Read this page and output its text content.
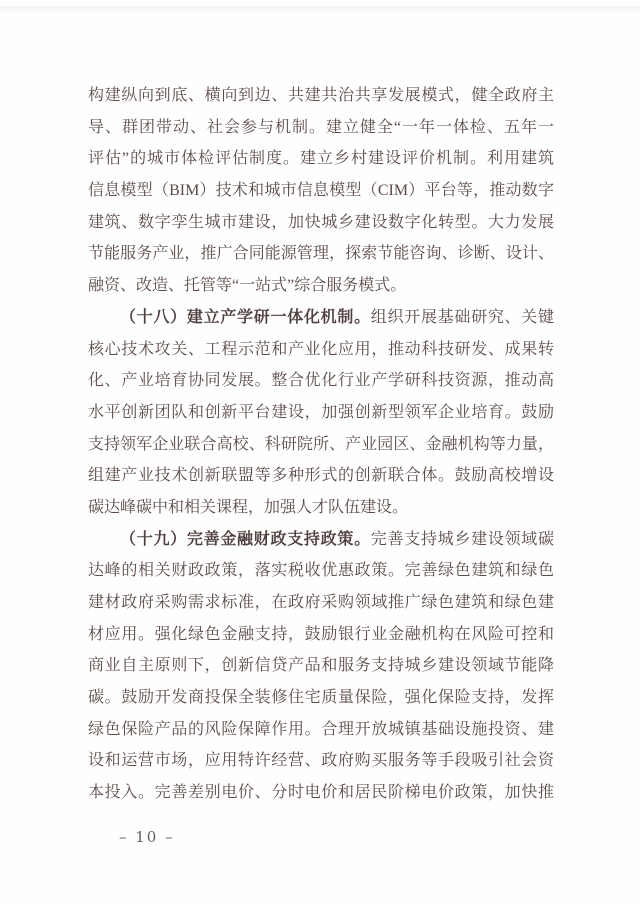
构建纵向到底、横向到边、共建共治共享发展模式，健全政府主
导、群团带动、社会参与机制。建立健全“一年一体检、五年一
评估”的城市体检评估制度。建立乡村建设评价机制。利用建筑
信息模型（BIM）技术和城市信息模型（CIM）平台等，推动数字
建筑、数字孪生城市建设，加快城乡建设数字化转型。大力发展
节能服务产业，推广合同能源管理，探索节能咨询、诊断、设计、
融资、改造、托管等“一站式”综合服务模式。
（十八）建立产学研一体化机制。组织开展基础研究、关键
核心技术攻关、工程示范和产业化应用，推动科技研发、成果转
化、产业培育协同发展。整合优化行业产学研科技资源，推动高
水平创新团队和创新平台建设，加强创新型领军企业培育。鼓励
支持领军企业联合高校、科研院所、产业园区、金融机构等力量，
组建产业技术创新联盟等多种形式的创新联合体。鼓励高校增设
碳达峰碳中和相关课程，加强人才队伍建设。
（十九）完善金融财政支持政策。完善支持城乡建设领域碳
达峰的相关财政政策，落实税收优惠政策。完善绿色建筑和绿色
建材政府采购需求标准，在政府采购领域推广绿色建筑和绿色建
材应用。强化绿色金融支持，鼓励银行业金融机构在风险可控和
商业自主原则下，创新信贷产品和服务支持城乡建设领域节能降
碳。鼓励开发商投保全装修住宅质量保险，强化保险支持，发挥
绿色保险产品的风险保障作用。合理开放城镇基础设施投资、建
设和运营市场，应用特许经营、政府购买服务等手段吸引社会资
本投入。完善差别电价、分时电价和居民阶梯电价政策，加快推
– 10 –
